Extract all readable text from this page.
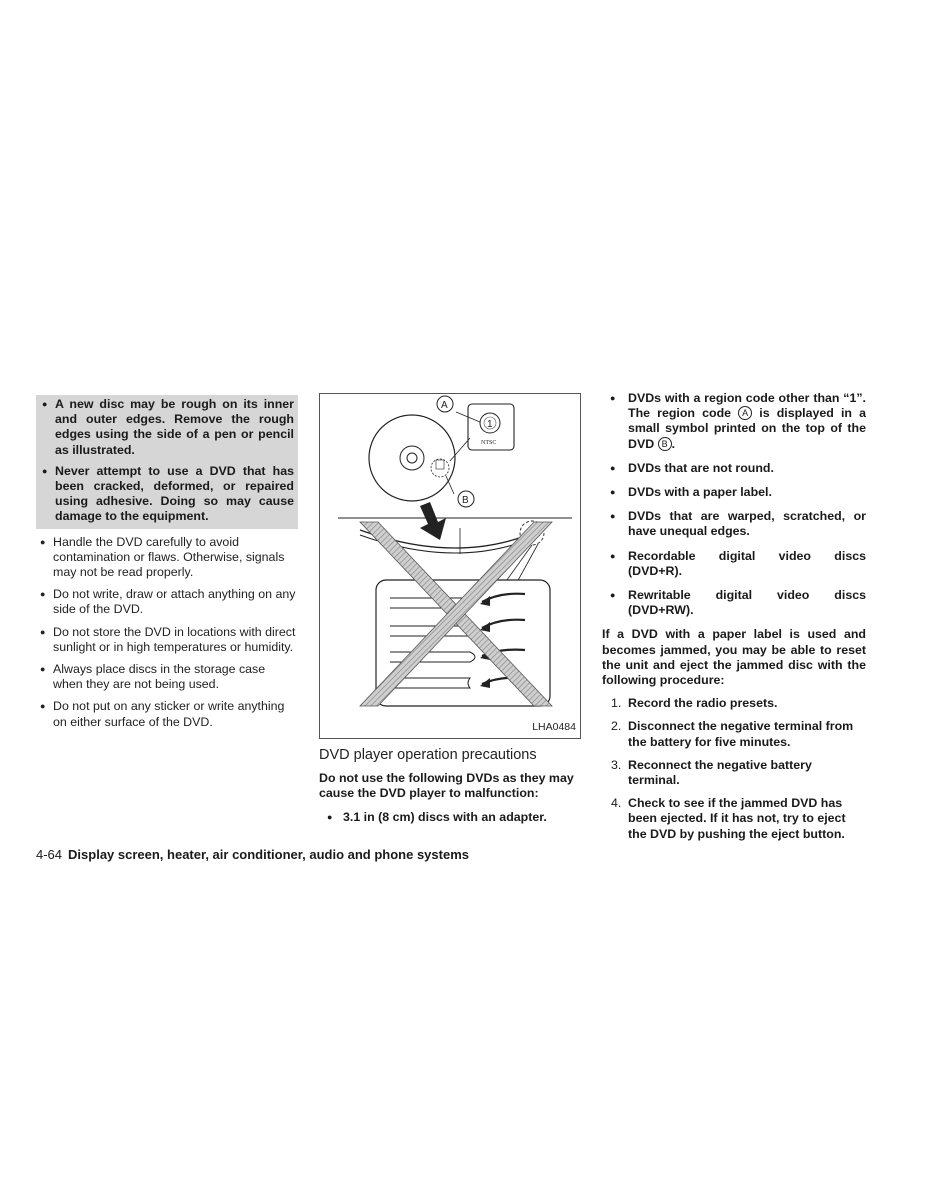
● A new disc may be rough on its inner and outer edges. Remove the rough edges using the side of a pen or pencil as illustrated.
● Never attempt to use a DVD that has been cracked, deformed, or repaired using adhesive. Doing so may cause damage to the equipment.
● Handle the DVD carefully to avoid contamination or flaws. Otherwise, signals may not be read properly.
● Do not write, draw or attach anything on any side of the DVD.
● Do not store the DVD in locations with direct sunlight or in high temperatures or humidity.
● Always place discs in the storage case when they are not being used.
● Do not put on any sticker or write anything on either surface of the DVD.
1
NTSC
A
B
LHA0484
DVD player operation precautions
Do not use the following DVDs as they may cause the DVD player to malfunction:
● 3.1 in (8 cm) discs with an adapter.
● DVDs with a region code other than “1”. The region code A is displayed in a small symbol printed on the top of the DVD B .
● DVDs that are not round.
● DVDs with a paper label.
● DVDs that are warped, scratched, or have unequal edges.
● Recordable digital video discs (DVD+R).
● Rewritable digital video discs (DVD+RW).
If a DVD with a paper label is used and becomes jammed, you may be able to reset the unit and eject the jammed disc with the following procedure:
1. Record the radio presets.
2. Disconnect the negative terminal from the battery for five minutes.
3. Reconnect the negative battery terminal.
4. Check to see if the jammed DVD has been ejected. If it has not, try to eject the DVD by pushing the eject button.
4-64 Display screen, heater, air conditioner, audio and phone systems
